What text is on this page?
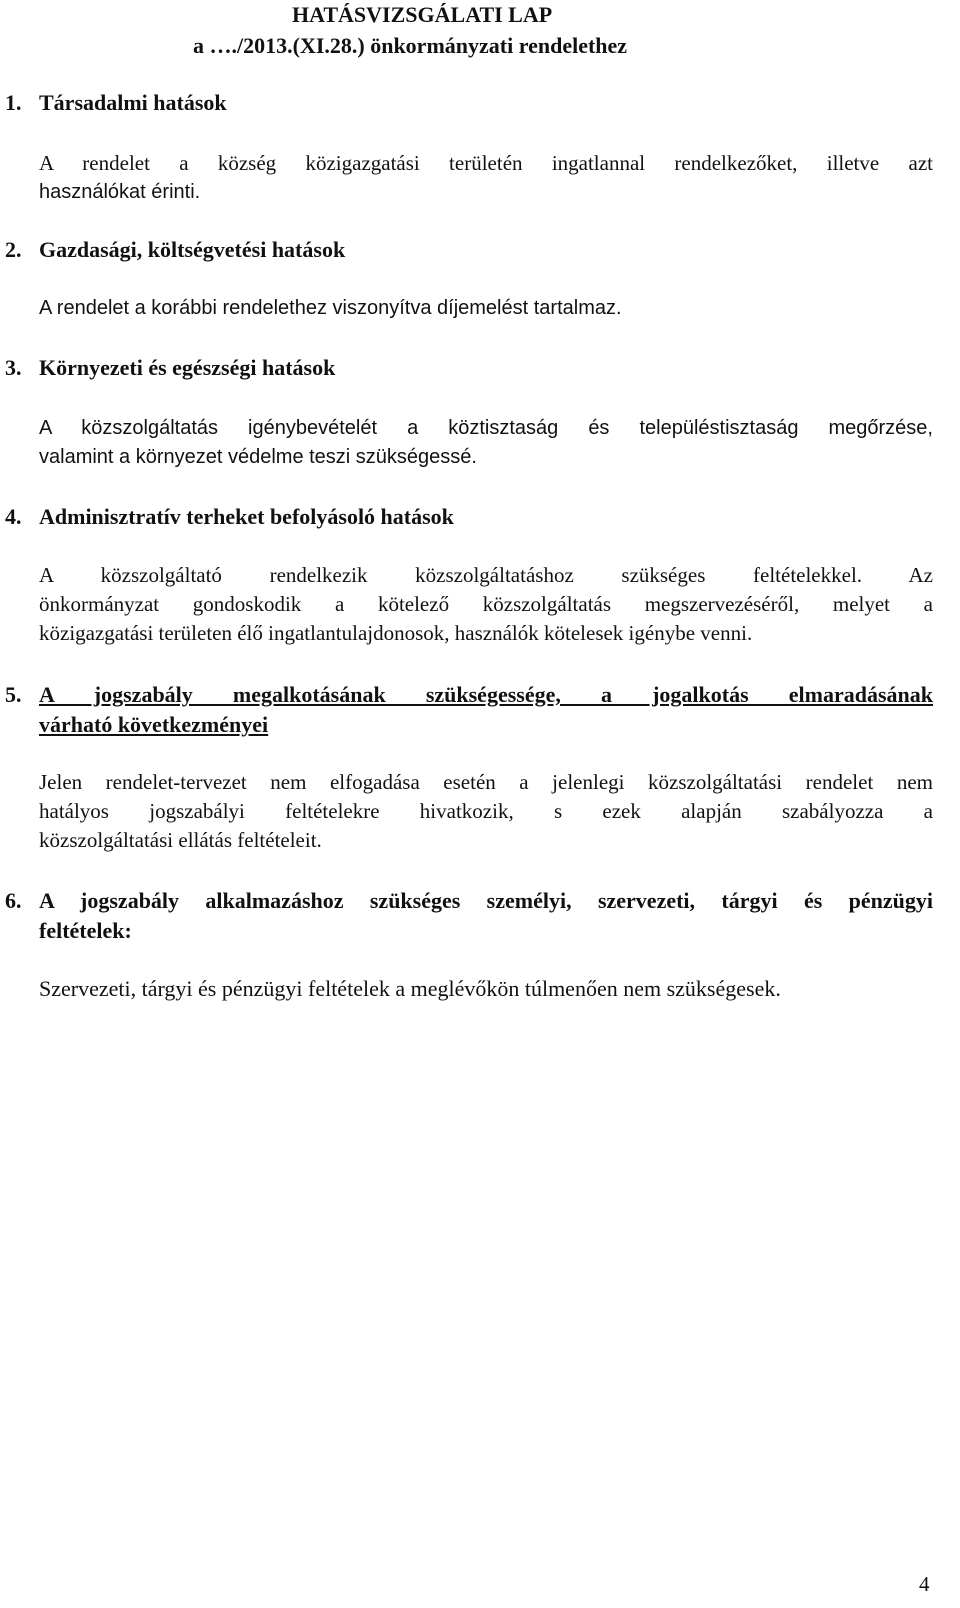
HATÁSVIZSGÁLATI LAP
a …./2013.(XI.28.) önkormányzati rendelethez
1. Társadalmi hatások
A rendelet a község közigazgatási területén ingatlannal rendelkezőket, illetve azt
használókat érinti.
2. Gazdasági, költségvetési hatások
A rendelet a korábbi rendelethez viszonyítva díjemelést tartalmaz.
3. Környezeti és egészségi hatások
A közszolgáltatás igénybevételét a köztisztaság és településtisztaság megőrzése,
valamint a környezet védelme teszi szükségessé.
4. Adminisztratív terheket befolyásoló hatások
A közszolgáltató rendelkezik közszolgáltatáshoz szükséges feltételekkel. Az
önkormányzat gondoskodik a kötelező közszolgáltatás megszervezéséről, melyet a
közigazgatási területen élő ingatlantulajdonosok, használók kötelesek igénybe venni.
5. A jogszabály megalkotásának szükségessége, a jogalkotás elmaradásának
várható következményei
Jelen rendelet-tervezet nem elfogadása esetén a jelenlegi közszolgáltatási rendelet nem
hatályos jogszabályi feltételekre hivatkozik, s ezek alapján szabályozza a
közszolgáltatási ellátás feltételeit.
6. A jogszabály alkalmazáshoz szükséges személyi, szervezeti, tárgyi és pénzügyi
feltételek:
Szervezeti, tárgyi és pénzügyi feltételek a meglévőkön túlmenően nem szükségesek.
4
